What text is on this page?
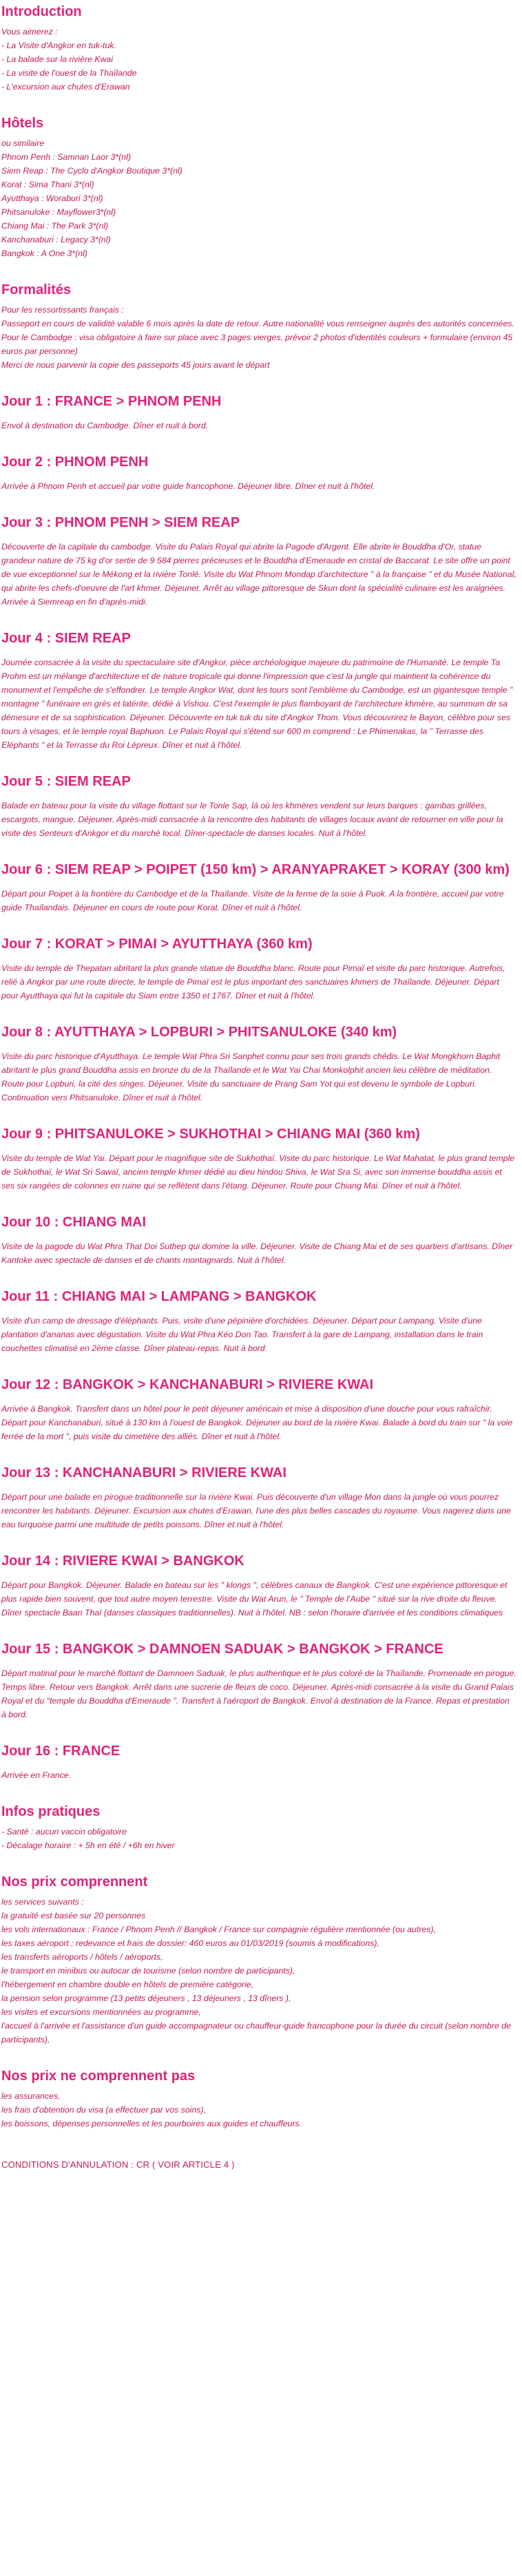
Introduction
Vous aimerez :
- La Visite d'Angkor en tuk-tuk.
- La balade sur la rivière Kwai
- La visite de l'ouest de la Thaïlande
- L'excursion aux chutes d'Erawan
Hôtels
ou similaire
Phnom Penh : Samnan Laor 3*(nl)
Siem Reap : The Cyclo d'Angkor Boutique 3*(nl)
Korat : Sima Thani 3*(nl)
Ayutthaya : Woraburi 3*(nl)
Phitsanuloke : Mayflower3*(nl)
Chiang Mai : The Park 3*(nl)
Kanchanaburi : Legacy 3*(nl)
Bangkok : A One 3*(nl)
Formalités
Pour les ressortissants français :
Passeport en cours de validité valable 6 mois après la date de retour. Autre nationalité vous renseigner auprès des autorités concernées.
Pour le Cambodge : visa obligatoire à faire sur place avec 3 pages vierges, prévoir 2 photos d'identités couleurs + formulaire (environ 45 euros par personne)
Merci de nous parvenir la copie des passeports 45 jours avant le départ
Jour 1 : FRANCE > PHNOM PENH
Envol à destination du Cambodge. Dîner et nuit à bord.
Jour 2 : PHNOM PENH
Arrivée à Phnom Penh et accueil par votre guide francophone. Déjeuner libre. Dîner et nuit à l'hôtel.
Jour 3 : PHNOM PENH > SIEM REAP
Découverte de la capitale du cambodge. Visite du Palais Royal qui abrite la Pagode d'Argent. Elle abrite le Bouddha d'Or, statue grandeur nature de 75 kg d'or sertie de 9 584 pierres précieuses et le Bouddha d'Emeraude en cristal de Baccarat. Le site offre un point de vue exceptionnel sur le Mékong et la rivière Tonlé. Visite du Wat Phnom Mondap d'architecture " à la française " et du Musée National, qui abrite les chefs-d'oeuvre de l'art khmer. Déjeuner. Arrêt au village pittoresque de Skun dont la spécialité culinaire est les araignées. Arrivée à Siemreap en fin d'après-midi.
Jour 4 : SIEM REAP
Journée consacrée à la visite du spectaculaire site d'Angkor, pièce archéologique majeure du patrimoine de l'Humanité. Le temple Ta Prohm est un mélange d'architecture et de nature tropicale qui donne l'impression que c'est la jungle qui maintient la cohérence du monument et l'empêche de s'effondrer. Le temple Angkor Wat, dont les tours sont l'emblème du Cambodge, est un gigantesque temple " montagne " funéraire en grès et latérite, dédié à Vishou. C'est l'exemple le plus flamboyant de l'architecture khmère, au summum de sa démesure et de sa sophistication. Déjeuner. Découverte en tuk tuk du site d'Angkor Thom. Vous découvrirez le Bayon, célèbre pour ses tours à visages, et le temple royal Baphuon. Le Palais Royal qui s'étend sur 600 m comprend : Le Phimenakas, la " Terrasse des Eléphants " et la Terrasse du Roi Lépreux. Dîner et nuit à l'hôtel.
Jour 5 : SIEM REAP
Balade en bateau pour la visite du village flottant sur le Tonle Sap, là où les khmères vendent sur leurs barques : gambas grillées, escargots, mangue. Déjeuner. Après-midi consacrée à la rencontre des habitants de villages locaux avant de retourner en ville pour la visite des Senteurs d'Ankgor et du marché local. Dîner-spectacle de danses locales. Nuit à l'hôtel.
Jour 6 : SIEM REAP > POIPET (150 km) > ARANYAPRAKET > KORAY (300 km)
Départ pour Poipet à la frontière du Cambodge et de la Thaïlande. Visite de la ferme de la soie à Puok. A la frontière, accueil par votre guide Thaïlandais. Déjeuner en cours de route pour Korat. Dîner et nuit à l'hôtel.
Jour 7 : KORAT > PIMAI > AYUTTHAYA (360 km)
Visite du temple de Thepatan abritant la plus grande statue de Bouddha blanc. Route pour Pimaï et visite du parc historique. Autrefois, relié à Angkor par une route directe, le temple de Pimaï est le plus important des sanctuaires khmers de Thaïlande. Déjeuner. Départ pour Ayutthaya qui fut la capitale du Siam entre 1350 et 1767. Dîner et nuit à l'hôtel.
Jour 8 : AYUTTHAYA > LOPBURI > PHITSANULOKE (340 km)
Visite du parc historique d'Ayutthaya. Le temple Wat Phra Sri Sanphet connu pour ses trois grands chédis. Le Wat Mongkhorn Baphit abritant le plus grand Bouddha assis en bronze du de la Thaïlande et le Wat Yai Chai Monkolphit ancien lieu célèbre de méditation. Route pour Lopburi, la cité des singes. Déjeuner. Visite du sanctuaire de Prang Sam Yot qui est devenu le symbole de Lopburi. Continuation vers Phitsanuloke. Dîner et nuit à l'hôtel.
Jour 9 : PHITSANULOKE > SUKHOTHAI > CHIANG MAI (360 km)
Visite du temple de Wat Yai. Départ pour le magnifique site de Sukhothaï. Visite du parc historique. Le Wat Mahatat, le plus grand temple de Sukhothaï, le Wat Sri Sawaï, ancien temple khmer dédié au dieu hindou Shiva, le Wat Sra Si, avec son immense bouddha assis et ses six rangées de colonnes en ruine qui se reflètent dans l'étang. Déjeuner. Route pour Chiang Mai. Dîner et nuit à l'hôtel.
Jour 10 : CHIANG MAI
Visite de la pagode du Wat Phra That Doi Suthep qui domine la ville. Déjeuner. Visite de Chiang Mai et de ses quartiers d'artisans. Dîner Kantoke avec spectacle de danses et de chants montagnards. Nuit à l'hôtel.
Jour 11 : CHIANG MAI > LAMPANG > BANGKOK
Visite d'un camp de dressage d'éléphants. Puis, visite d'une pépinière d'orchidées. Déjeuner. Départ pour Lampang. Visite d'une plantation d'ananas avec dégustation. Visite du Wat Phra Kéo Don Tao. Transfert à la gare de Lampang, installation dans le train couchettes climatisé en 2ème classe. Dîner plateau-repas. Nuit à bord.
Jour 12 : BANGKOK > KANCHANABURI > RIVIERE KWAI
Arrivée à Bangkok. Transfert dans un hôtel pour le petit déjeuner américain et mise à disposition d'une douche pour vous rafraîchir. Départ pour Kanchanaburi, situé à 130 km à l'ouest de Bangkok. Déjeuner au bord de la rivière Kwai. Balade à bord du train sur " la voie ferrée de la mort ", puis visite du cimetière des alliés. Dîner et nuit à l'hôtel.
Jour 13 : KANCHANABURI > RIVIERE KWAI
Départ pour une balade en pirogue traditionnelle sur la rivière Kwai. Puis découverte d'un village Mon dans la jungle où vous pourrez rencontrer les habitants. Déjeuner. Excursion aux chutes d'Erawan, l'une des plus belles cascades du royaume. Vous nagerez dans une eau turquoise parmi une multitude de petits poissons. Dîner et nuit à l'hôtel.
Jour 14 : RIVIERE KWAI > BANGKOK
Départ pour Bangkok. Déjeuner. Balade en bateau sur les " klongs ", célèbres canaux de Bangkok. C'est une expérience pittoresque et plus rapide bien souvent, que tout autre moyen terrestre. Visite du Wat Arun, le " Temple de l'Aube " situé sur la rive droite du fleuve. Dîner spectacle Baan Thaï (danses classiques traditionnelles). Nuit à l'hôtel. NB : selon l'horaire d'arrivée et les conditions climatiques
Jour 15 : BANGKOK > DAMNOEN SADUAK > BANGKOK > FRANCE
Départ matinal pour le marché flottant de Damnoen Saduak, le plus authentique et le plus coloré de la Thaïlande. Promenade en pirogue. Temps libre. Retour vers Bangkok. Arrêt dans une sucrerie de fleurs de coco. Déjeuner. Après-midi consacrée à la visite du Grand Palais Royal et du "temple du Bouddha d'Emeraude ". Transfert à l'aéroport de Bangkok. Envol à destination de la France. Repas et prestation à bord.
Jour 16 : FRANCE
Arrivée en France.
Infos pratiques
- Santé : aucun vaccin obligatoire
- Décalage horaire : + 5h en été / +6h en hiver
Nos prix comprennent
les services suivants :
la gratuité est basée sur 20 personnes
les vols internationaux : France / Phnom Penh // Bangkok / France sur compagnie régulière mentionnée (ou autres),
les taxes aéroport ; redevance et frais de dossier: 460 euros au 01/03/2019 (soumis à modifications),
les transferts aéroports / hôtels / aéroports,
le transport en minibus ou autocar de tourisme (selon nombre de participants),
l'hébergement en chambre double en hôtels de première catégorie,
la pension selon programme (13 petits déjeuners , 13 déjeuners , 13 dîners ),
les visites et excursions mentionnées au programme,
l'accueil à l'arrivée et l'assistance d'un guide accompagnateur ou chauffeur-guide francophone pour la durée du circuit (selon nombre de participants),
Nos prix ne comprennent pas
les assurances,
les frais d'obtention du visa (a effectuer par vos soins),
les boissons, dépenses personnelles et les pourboires aux guides et chauffeurs.
CONDITIONS D'ANNULATION : CR ( VOIR ARTICLE 4 )
